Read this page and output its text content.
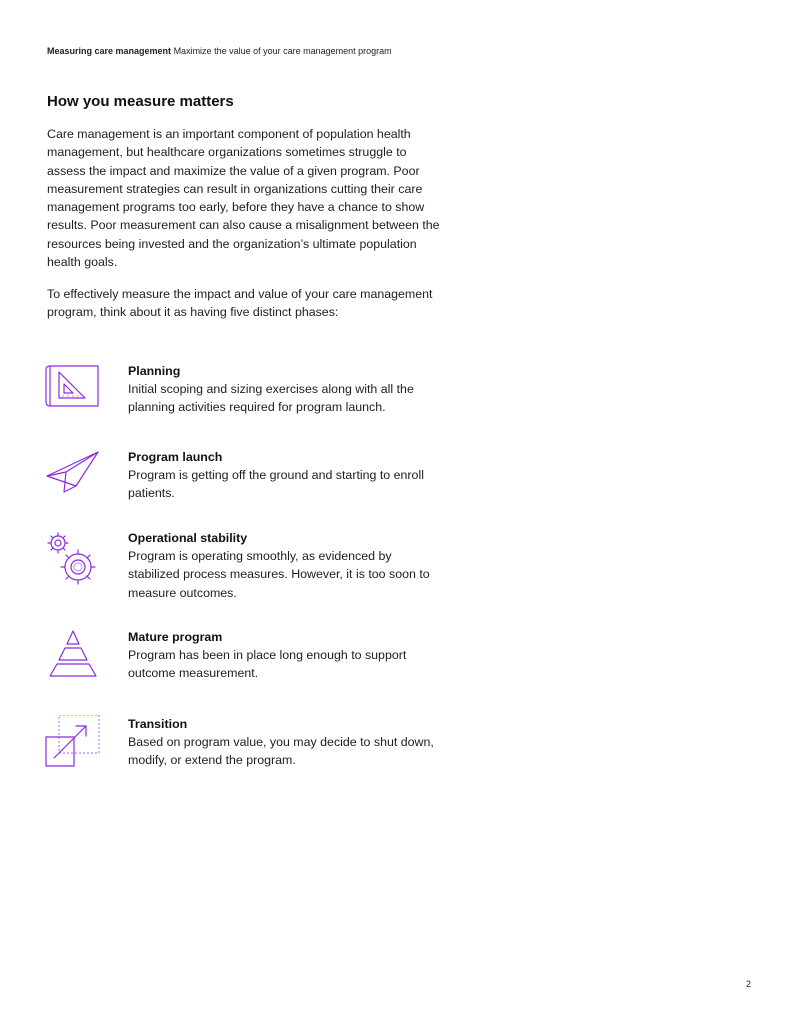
Measuring care management Maximize the value of your care management program
How you measure matters

Care management is an important component of population health management, but healthcare organizations sometimes struggle to assess the impact and maximize the value of a given program. Poor measurement strategies can result in organizations cutting their care management programs too early, before they have a chance to show results. Poor measurement can also cause a misalignment between the resources being invested and the organization’s ultimate population health goals.

To effectively measure the impact and value of your care management program, think about it as having five distinct phases:

Planning

Initial scoping and sizing exercises along with all the planning activities required for program launch.

Program launch

Program is getting off the ground and starting to enroll patients.

Operational stability

Program is operating smoothly, as evidenced by stabilized process measures. However, it is too soon to measure outcomes.

Mature program

Program has been in place long enough to support outcome measurement.

Transition

Based on program value, you may decide to shut down, modify, or extend the program.

2
